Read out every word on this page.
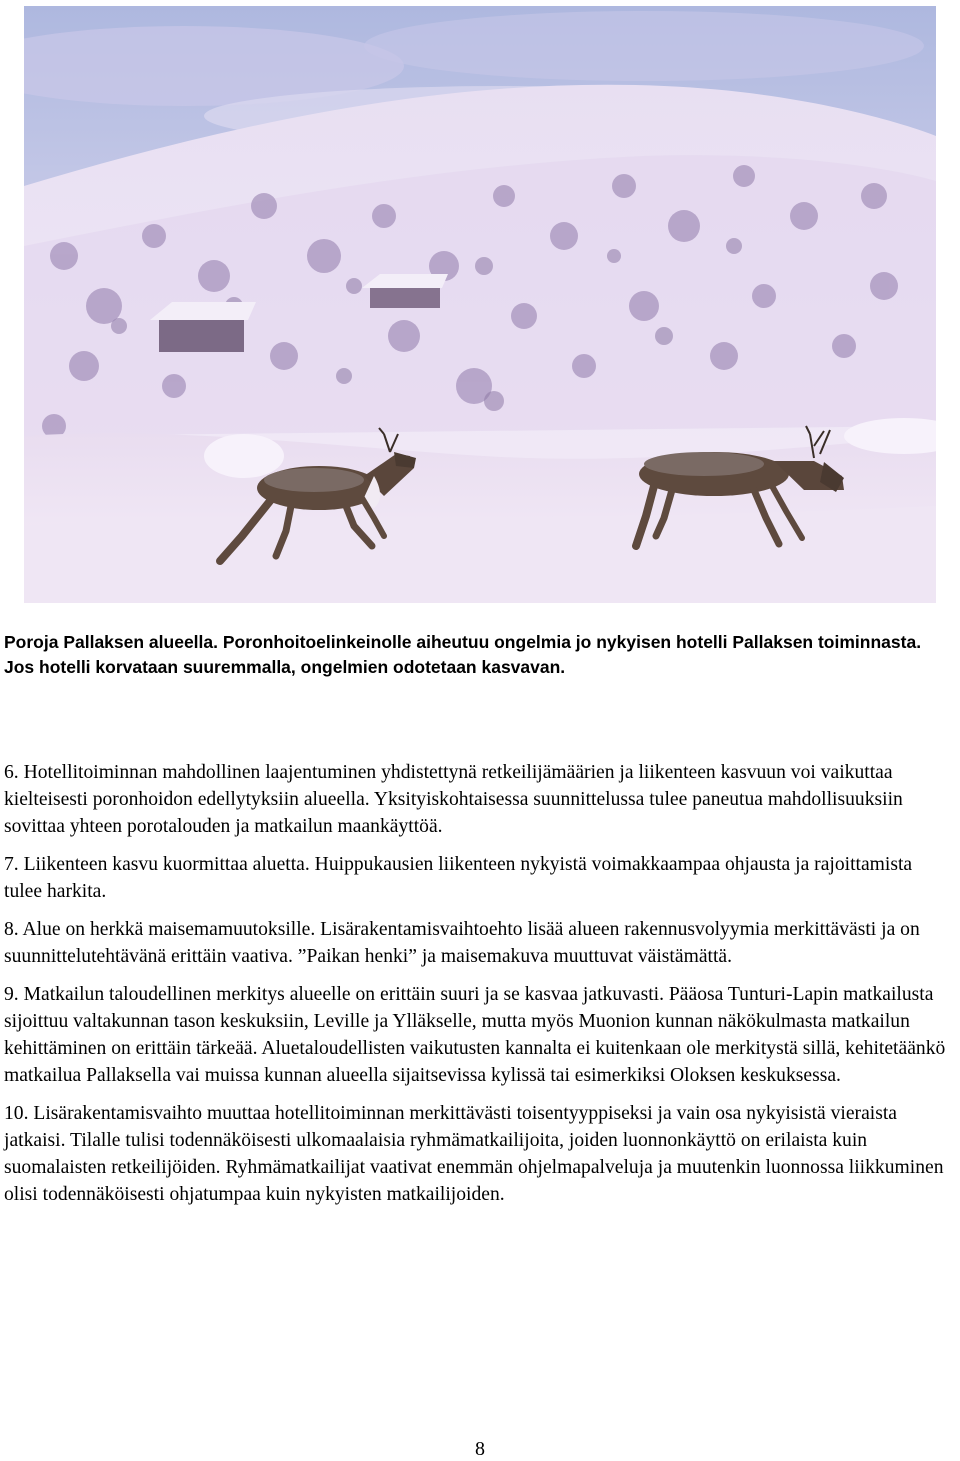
Poroja Pallaksen alueella. Poronhoitoelinkeinolle aiheutuu ongelmia jo nykyisen hotelli Pallaksen toiminnasta. Jos hotelli korvataan suuremmalla, ongelmien odotetaan kasvavan.

6. Hotellitoiminnan mahdollinen laajentuminen yhdistettynä retkeilijämäärien ja liikenteen kasvuun voi vaikuttaa kielteisesti poronhoidon edellytyksiin alueella. Yksityiskohtaisessa suunnittelussa tulee paneutua mahdollisuuksiin sovittaa yhteen porotalouden ja matkailun maankäyttöä.

7. Liikenteen kasvu kuormittaa aluetta. Huippukausien liikenteen nykyistä voimakkaampaa ohjausta ja rajoittamista tulee harkita.

8. Alue on herkkä maisemamuutoksille. Lisärakentamisvaihtoehto lisää alueen rakennusvolyymia merkittävästi ja on suunnittelutehtävänä erittäin vaativa. ”Paikan henki” ja maisemakuva muuttuvat väistämättä.

9. Matkailun taloudellinen merkitys alueelle on erittäin suuri ja se kasvaa jatkuvasti. Pääosa Tunturi-Lapin matkailusta sijoittuu valtakunnan tason keskuksiin, Leville ja Ylläkselle, mutta myös Muonion kunnan näkökulmasta matkailun kehittäminen on erittäin tärkeää. Aluetaloudellisten vaikutusten kannalta ei kuitenkaan ole merkitystä sillä, kehitetäänkö matkailua Pallaksella vai muissa kunnan alueella sijaitsevissa kylissä tai esimerkiksi Oloksen keskuksessa.

10. Lisärakentamisvaihto muuttaa hotellitoiminnan merkittävästi toisentyyppiseksi ja vain osa nykyisistä vieraista jatkaisi. Tilalle tulisi todennäköisesti ulkomaalaisia ryhmämatkailijoita, joiden luonnonkäyttö on erilaista kuin suomalaisten retkeilijöiden. Ryhmämatkailijat vaativat enemmän ohjelmapalveluja ja muutenkin luonnossa liikkuminen olisi todennäköisesti ohjatumpaa kuin nykyisten matkailijoiden.

8
